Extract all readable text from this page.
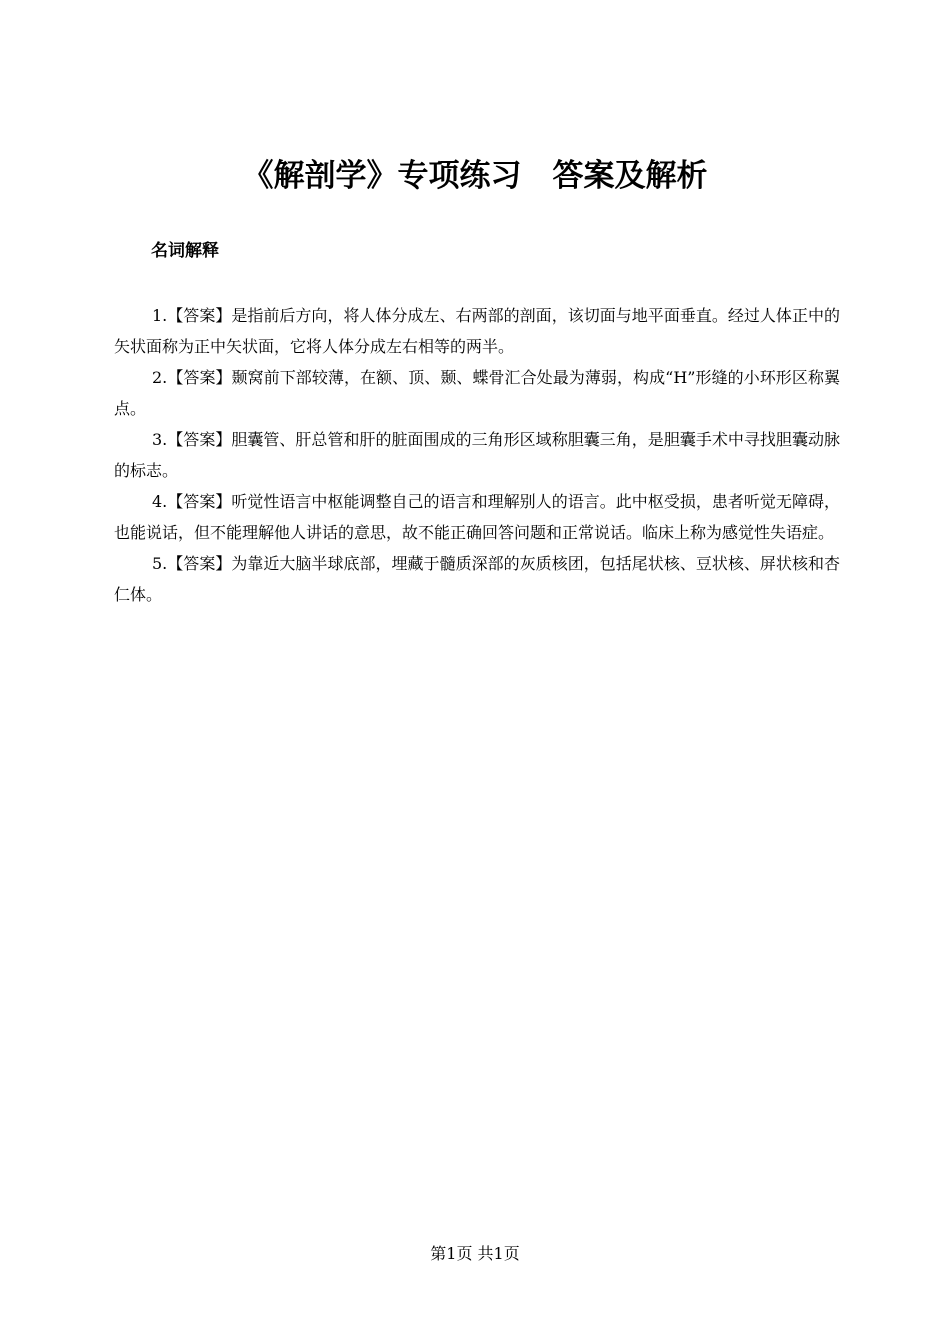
《解剖学》专项练习　答案及解析
名词解释
1.【答案】是指前后方向，将人体分成左、右两部的剖面，该切面与地平面垂直。经过人体正中的矢状面称为正中矢状面，它将人体分成左右相等的两半。
2.【答案】颞窝前下部较薄，在额、顶、颞、蝶骨汇合处最为薄弱，构成“H”形缝的小环形区称翼点。
3.【答案】胆囊管、肝总管和肝的脏面围成的三角形区域称胆囊三角，是胆囊手术中寻找胆囊动脉的标志。
4.【答案】听觉性语言中枢能调整自己的语言和理解别人的语言。此中枢受损，患者听觉无障碍，也能说话，但不能理解他人讲话的意思，故不能正确回答问题和正常说话。临床上称为感觉性失语症。
5.【答案】为靠近大脑半球底部，埋藏于髓质深部的灰质核团，包括尾状核、豆状核、屏状核和杏仁体。
第1页 共1页
